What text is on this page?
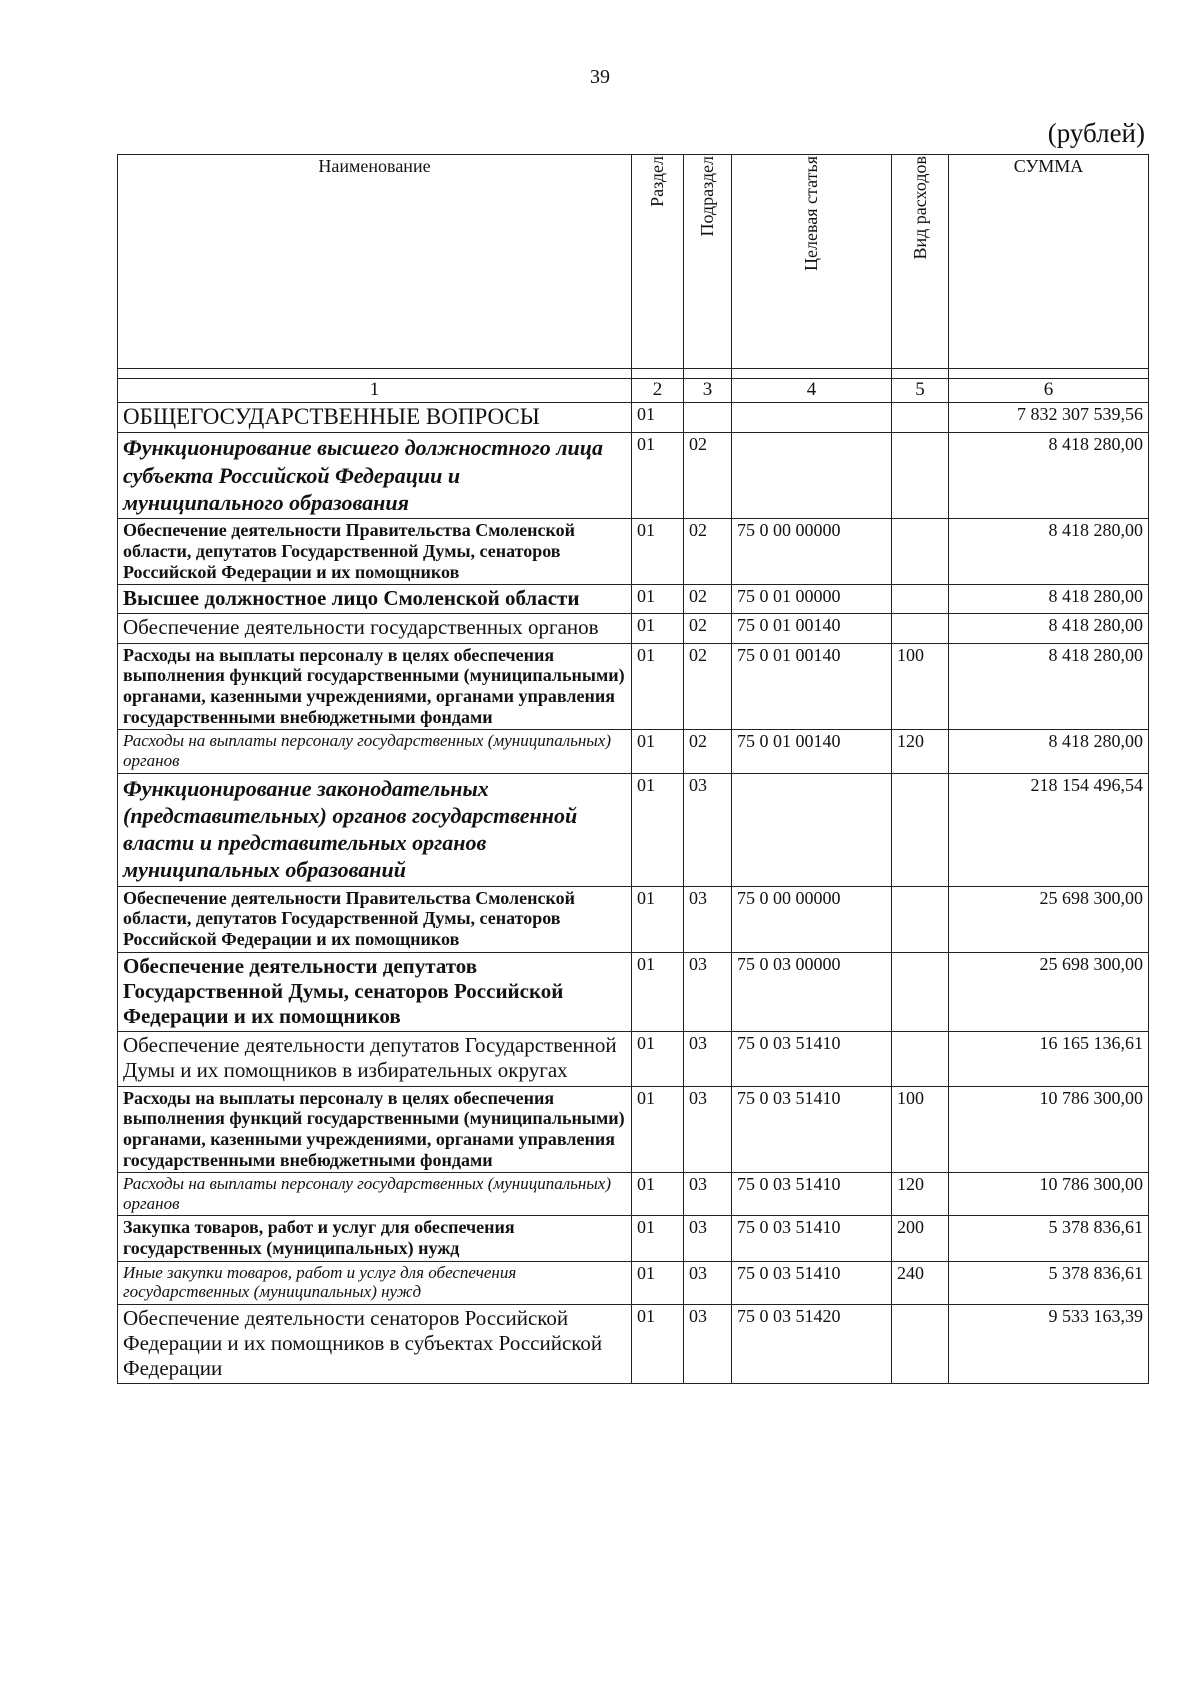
39
(рублей)
Наименование	Раздел	Подраздел	Целевая статья	Вид расходов	СУММА

1	2	3	4	5	6
ОБЩЕГОСУДАРСТВЕННЫЕ ВОПРОСЫ	01				7 832 307 539,56
Функционирование высшего должностного лица субъекта Российской Федерации и муниципального образования	01	02			8 418 280,00
Обеспечение деятельности Правительства Смоленской области, депутатов Государственной Думы, сенаторов Российской Федерации и их помощников	01	02	75 0 00 00000		8 418 280,00
Высшее должностное лицо Смоленской области	01	02	75 0 01 00000		8 418 280,00
Обеспечение деятельности государственных органов	01	02	75 0 01 00140		8 418 280,00
Расходы на выплаты персоналу в целях обеспечения выполнения функций государственными (муниципальными) органами, казенными учреждениями, органами управления государственными внебюджетными фондами	01	02	75 0 01 00140	100	8 418 280,00
Расходы на выплаты персоналу государственных (муниципальных) органов	01	02	75 0 01 00140	120	8 418 280,00
Функционирование законодательных (представительных) органов государственной власти и представительных органов муниципальных образований	01	03			218 154 496,54
Обеспечение деятельности Правительства Смоленской области, депутатов Государственной Думы, сенаторов Российской Федерации и их помощников	01	03	75 0 00 00000		25 698 300,00
Обеспечение деятельности депутатов Государственной Думы, сенаторов Российской Федерации и их помощников	01	03	75 0 03 00000		25 698 300,00
Обеспечение деятельности депутатов Государственной Думы и их помощников в избирательных округах	01	03	75 0 03 51410		16 165 136,61
Расходы на выплаты персоналу в целях обеспечения выполнения функций государственными (муниципальными) органами, казенными учреждениями, органами управления государственными внебюджетными фондами	01	03	75 0 03 51410	100	10 786 300,00
Расходы на выплаты персоналу государственных (муниципальных) органов	01	03	75 0 03 51410	120	10 786 300,00
Закупка товаров, работ и услуг для обеспечения государственных (муниципальных) нужд	01	03	75 0 03 51410	200	5 378 836,61
Иные закупки товаров, работ и услуг для обеспечения государственных (муниципальных) нужд	01	03	75 0 03 51410	240	5 378 836,61
Обеспечение деятельности сенаторов Российской Федерации и их помощников в субъектах Российской Федерации	01	03	75 0 03 51420		9 533 163,39
